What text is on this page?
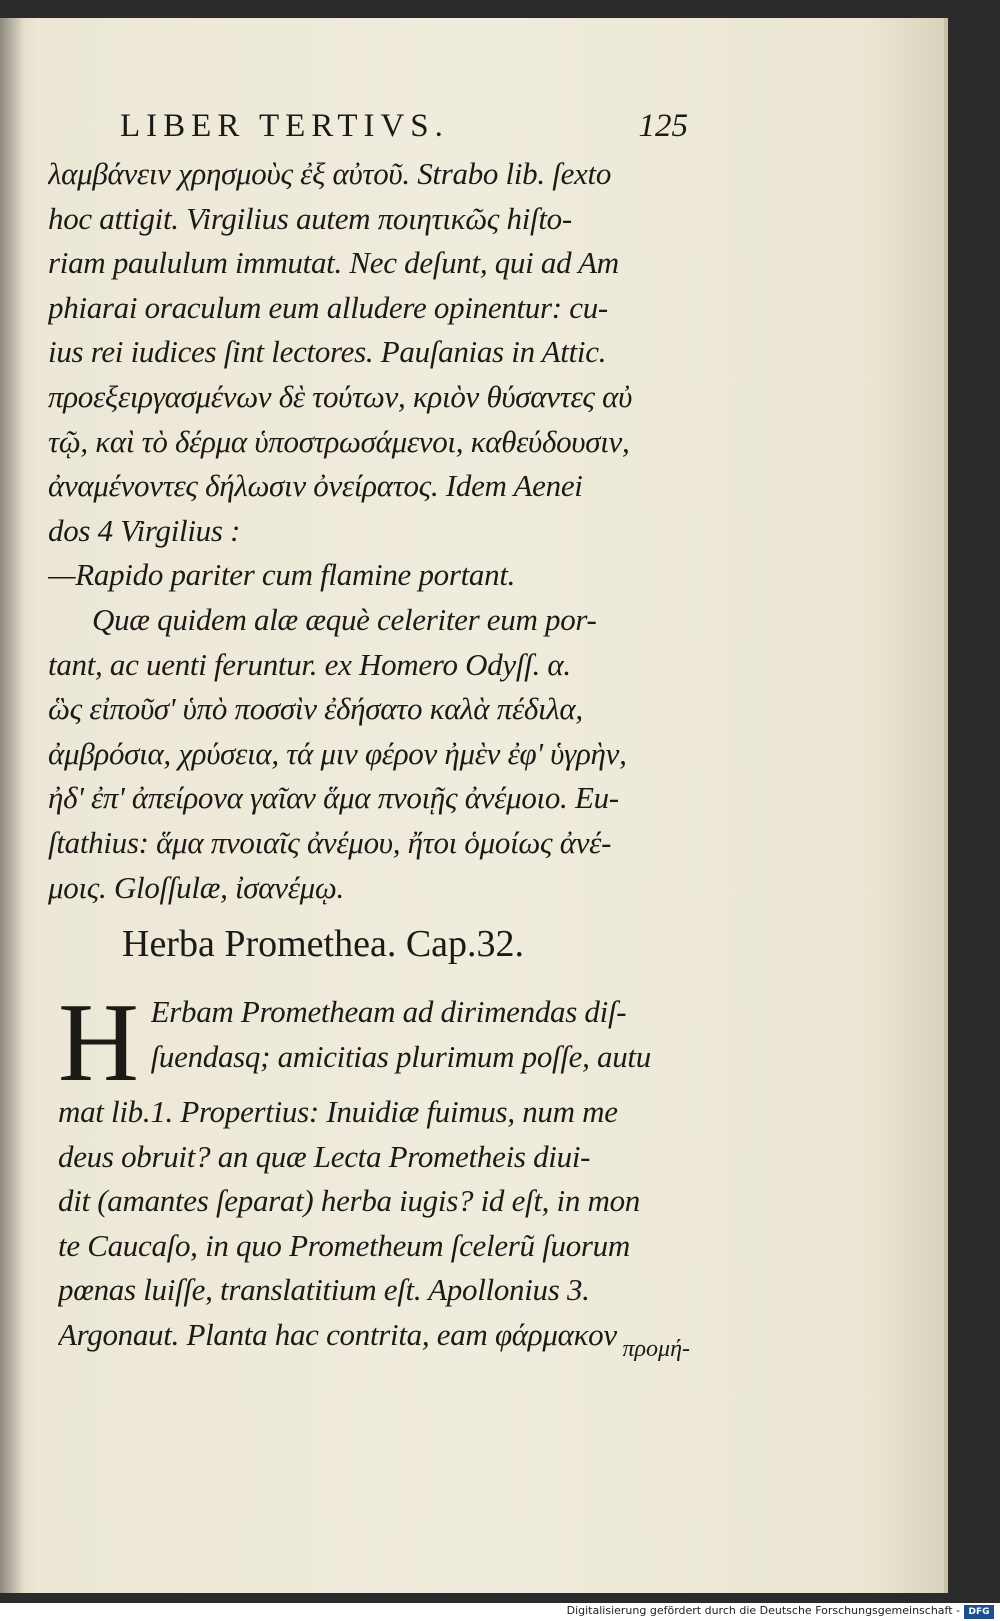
LIBER TERTIVS.	125
λαμβάνειν χρησμοὺς ἐξ αὐτοῦ. Strabo lib. ſexto
hoc attigit. Virgilius autem ποιητικῶς hiſto-
riam paululum immutat. Nec deſunt, qui ad Am
phiarai oraculum eum alludere opinentur: cu-
ius rei iudices ſint lectores. Pauſanias in Attic.
προεξειργασμένων δὲ τούτων, κριὸν θύσαντες αὐ
τῷ, καὶ τὸ δέρμα ὑποστρωσάμενοι, καθεύδουσιν,
ἀναμένοντες δήλωσιν ὀνείρατος. Idem Aenei
dos 4 Virgilius :
—Rapido pariter cum flamine portant.
Quæ quidem alæ æquè celeriter eum por-
tant, ac uenti feruntur. ex Homero Odyſſ. α.
ὣς εἰποῦσ' ὑπὸ ποσσὶν ἐδήσατο καλὰ πέδιλα,
ἀμβρόσια, χρύσεια, τά μιν φέρον ἠμὲν ἐφ' ὑγρὴν,
ἠδ' ἐπ' ἀπείρονα γαῖαν ἅμα πνοιῇς ἀνέμοιο. Eu-
ſtathius: ἅμα πνοιαῖς ἀνέμου, ἤτοι ὁμοίως ἀνέ-
μοις. Gloſſulæ, ἰσανέμῳ.
Herba Promethea. Cap.32.
H Erbam Prometheam ad dirimendas diſ-
ſuendasq; amicitias plurimum poſſe, autu
mat lib.1. Propertius: Inuidiæ fuimus, num me
deus obruit? an quæ Lecta Prometheis diui-
dit (amantes ſeparat) herba iugis? id eſt, in mon
te Caucaſo, in quo Prometheum ſcelerũ ſuorum
pœnas luiſſe, translatitium eſt. Apollonius 3.
Argonaut. Planta hac contrita, eam φάρμακον προμή-
Digitalisierung gefördert durch die Deutsche Forschungsgemeinschaft - DFG
